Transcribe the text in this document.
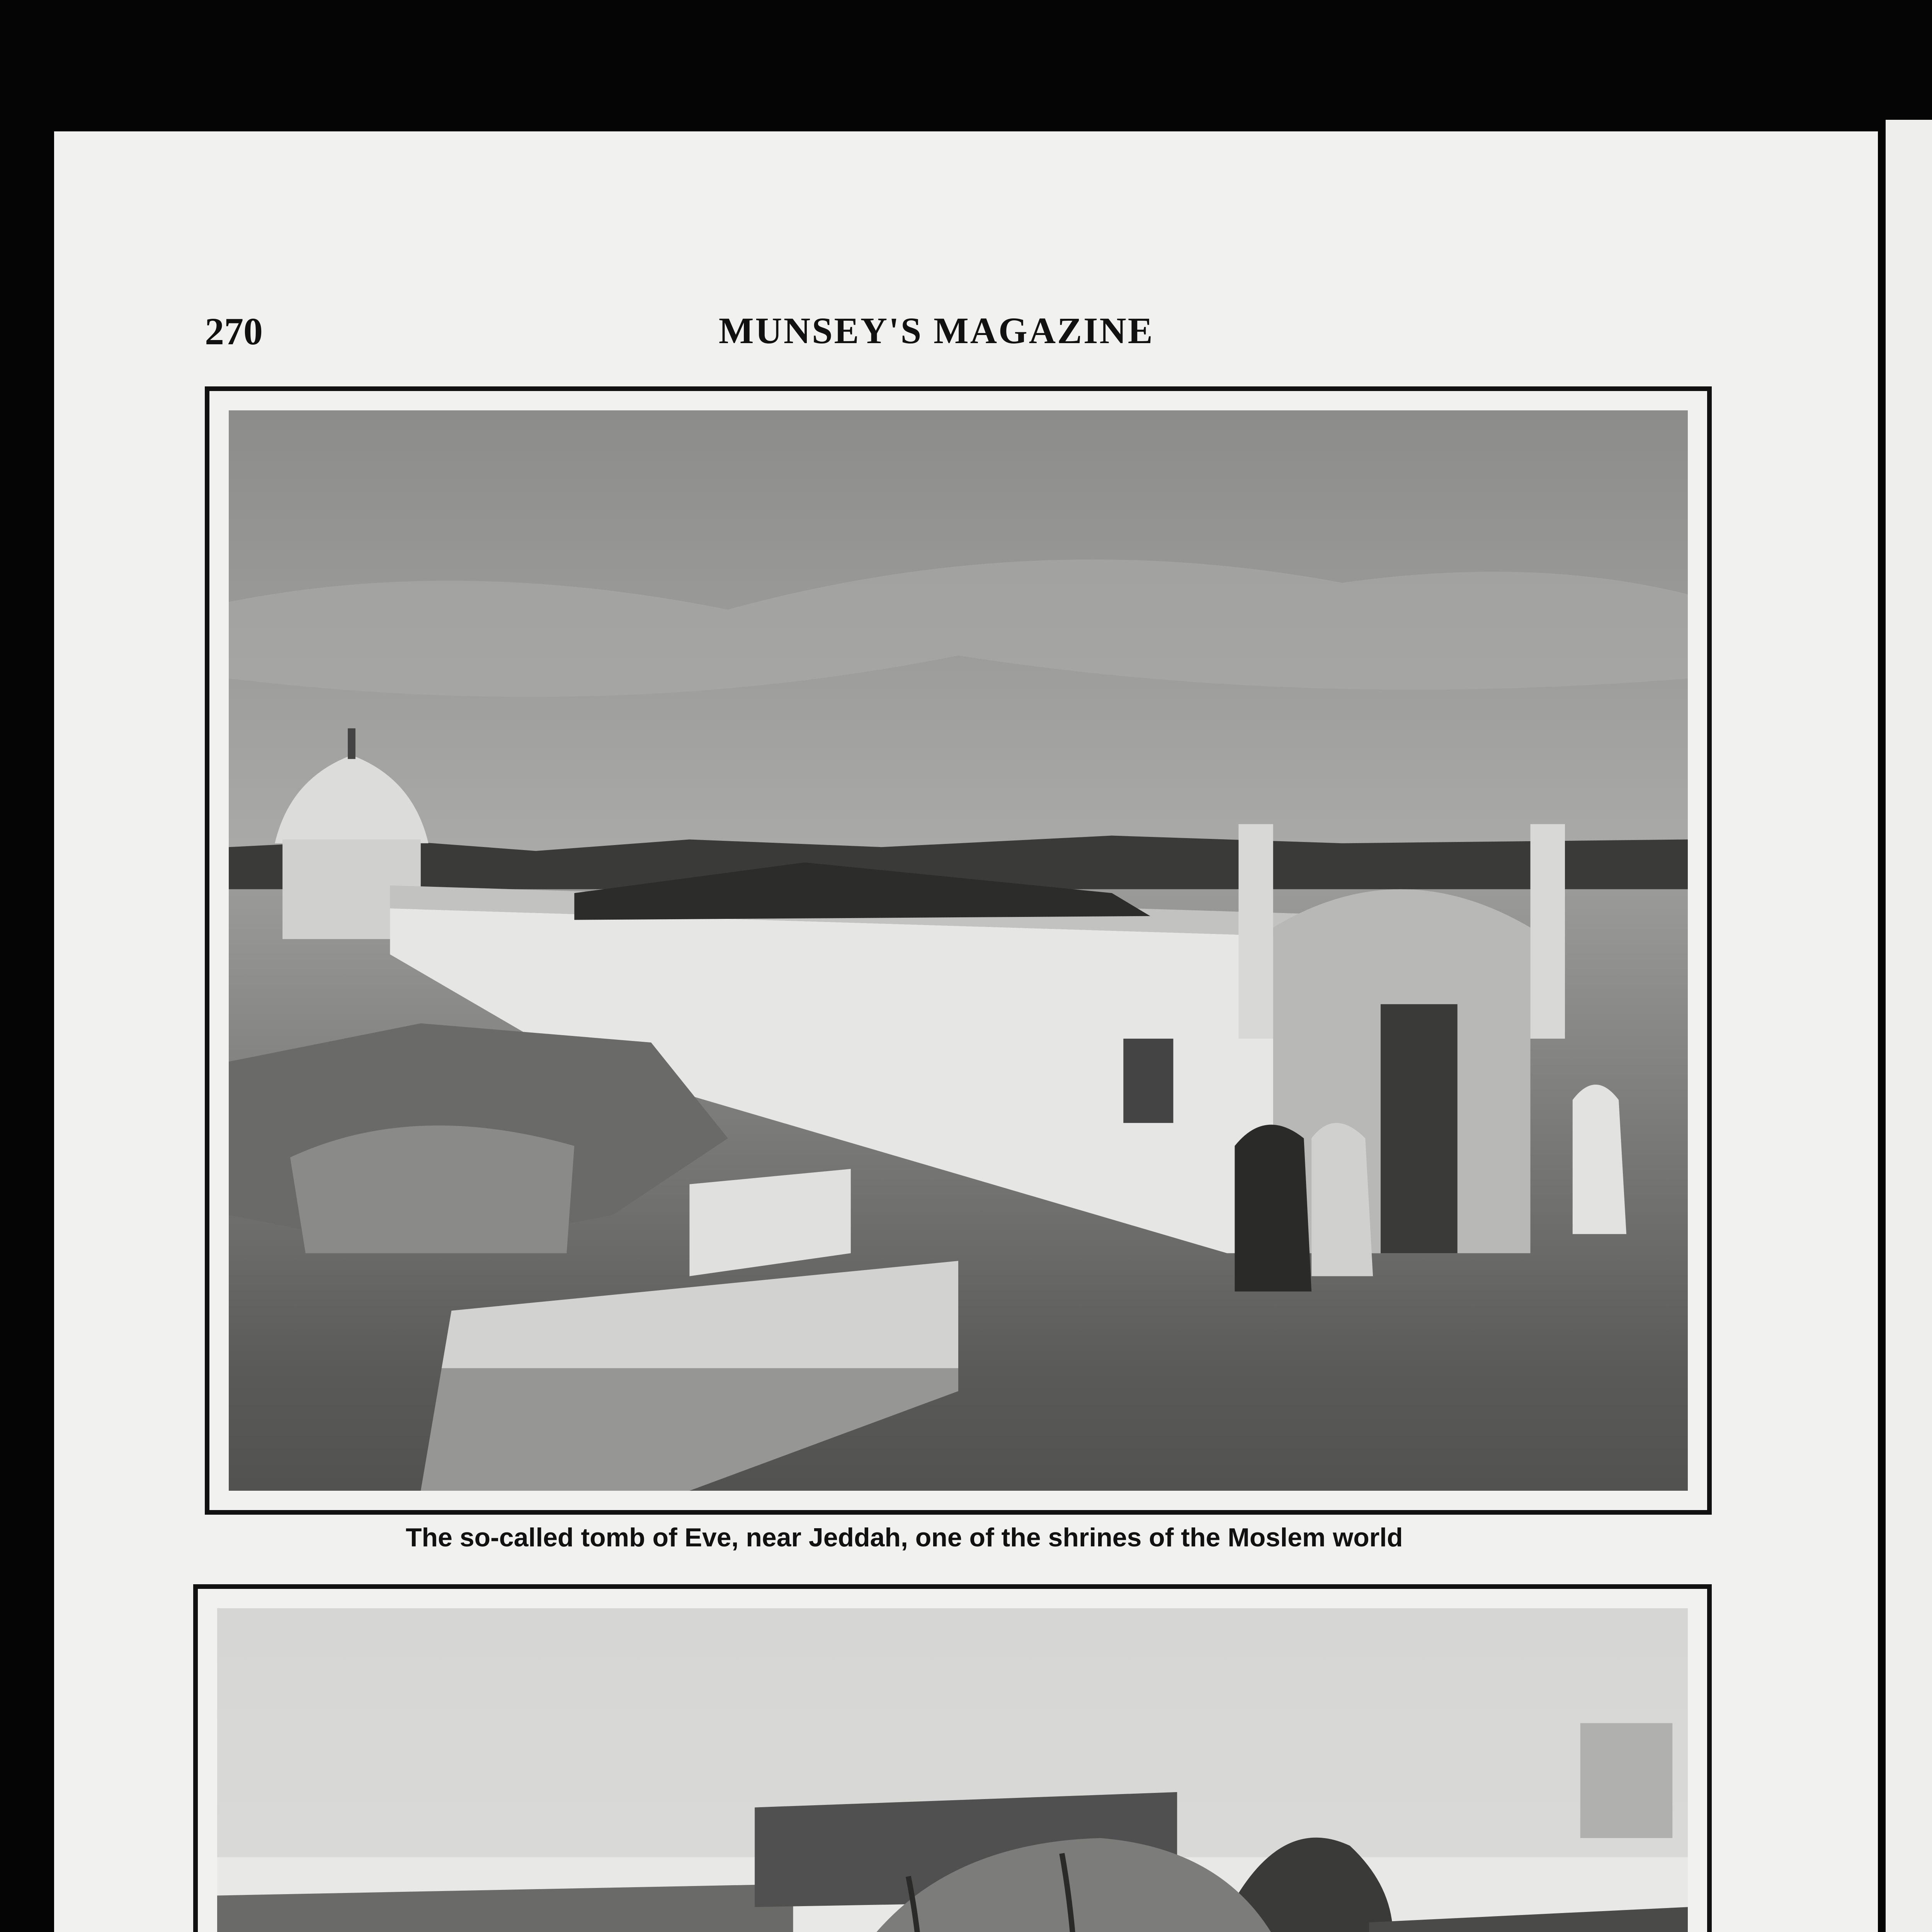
270	MUNSEY'S MAGAZINE
The so-called tomb of Eve, near Jeddah, one of the shrines of the Moslem world
